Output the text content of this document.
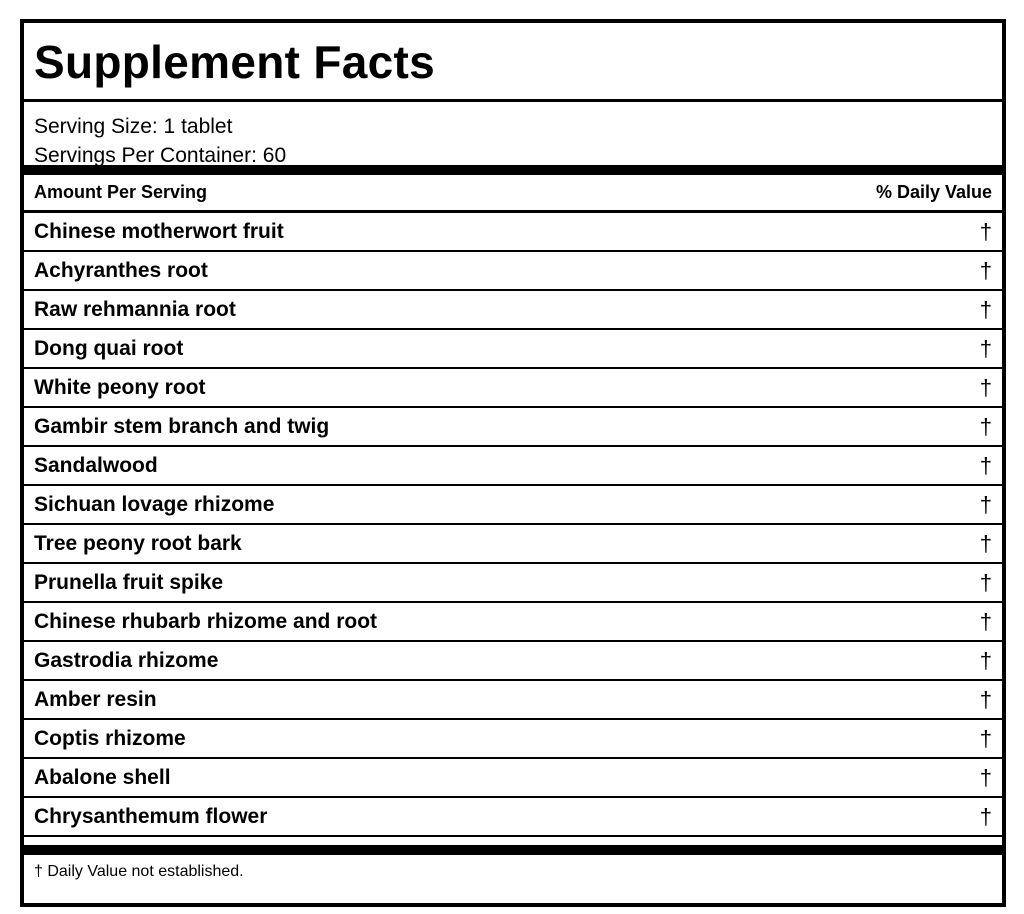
Supplement Facts
Serving Size: 1 tablet
Servings Per Container: 60
Amount Per Serving	% Daily Value
Chinese motherwort fruit	†
Achyranthes root	†
Raw rehmannia root	†
Dong quai root	†
White peony root	†
Gambir stem branch and twig	†
Sandalwood	†
Sichuan lovage rhizome	†
Tree peony root bark	†
Prunella fruit spike	†
Chinese rhubarb rhizome and root	†
Gastrodia rhizome	†
Amber resin	†
Coptis rhizome	†
Abalone shell	†
Chrysanthemum flower	†
† Daily Value not established.
